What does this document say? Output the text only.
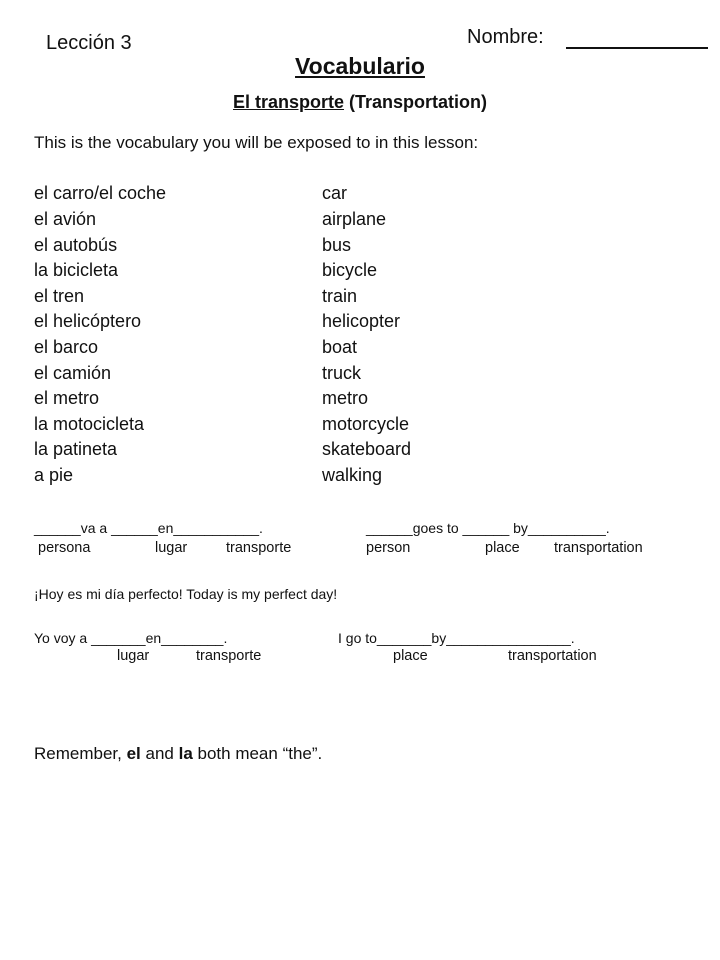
Lección 3	Nombre:
Vocabulario
El transporte (Transportation)
This is the vocabulary you will be exposed to in this lesson:
el carro/el coche	car
el avión	airplane
el autobús	bus
la bicicleta	bicycle
el tren	train
el helicóptero	helicopter
el barco	boat
el camión	truck
el metro	metro
la motocicleta	motorcycle
la patineta	skateboard
a pie	walking
______va a ______en___________.	______goes to ______ by__________.
persona	lugar	transporte	person	place transportation
¡Hoy es mi día perfecto! Today is my perfect day!
Yo voy a _______en________.	I go to_______by________________.
lugar	transporte	place	transportation
Remember, el and la both mean “the”.
